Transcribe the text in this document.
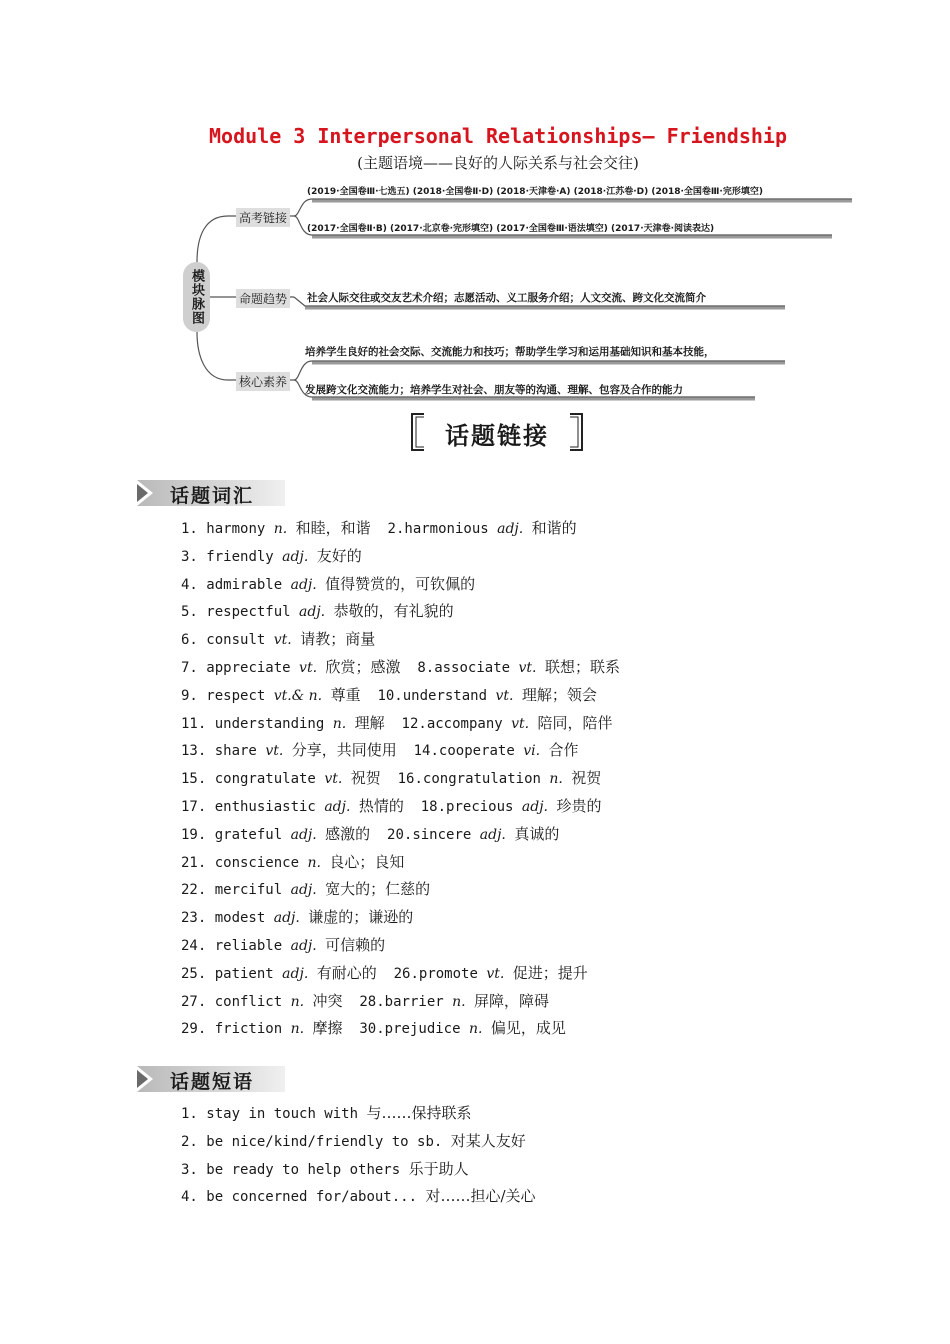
Module 3 Interpersonal Relationships— Friendship
(主题语境——良好的人际关系与社会交往)
模块脉图
高考链接
命题趋势
核心素养
(2019·全国卷Ⅲ·七选五) (2018·全国卷Ⅱ·D) (2018·天津卷·A) (2018·江苏卷·D) (2018·全国卷Ⅲ·完形填空)
(2017·全国卷Ⅱ·B) (2017·北京卷·完形填空) (2017·全国卷Ⅲ·语法填空) (2017·天津卷·阅读表达)
社会人际交往或交友艺术介绍；志愿活动、义工服务介绍；人文交流、跨文化交流简介
培养学生良好的社会交际、交流能力和技巧；帮助学生学习和运用基础知识和基本技能，
发展跨文化交流能力；培养学生对社会、朋友等的沟通、理解、包容及合作的能力
话题链接
话题词汇
1. harmony n. 和睦，和谐 2.harmonious adj. 和谐的
3. friendly adj. 友好的
4. admirable adj. 值得赞赏的，可钦佩的
5. respectful adj. 恭敬的，有礼貌的
6. consult vt. 请教；商量
7. appreciate vt. 欣赏；感激 8.associate vt. 联想；联系
9. respect vt.& n. 尊重 10.understand vt. 理解；领会
11. understanding n. 理解 12.accompany vt. 陪同，陪伴
13. share vt. 分享，共同使用 14.cooperate vi. 合作
15. congratulate vt. 祝贺 16.congratulation n. 祝贺
17. enthusiastic adj. 热情的 18.precious adj. 珍贵的
19. grateful adj. 感激的 20.sincere adj. 真诚的
21. conscience n. 良心；良知
22. merciful adj. 宽大的；仁慈的
23. modest adj. 谦虚的；谦逊的
24. reliable adj. 可信赖的
25. patient adj. 有耐心的 26.promote vt. 促进；提升
27. conflict n. 冲突 28.barrier n. 屏障，障碍
29. friction n. 摩擦 30.prejudice n. 偏见，成见
话题短语
1. stay in touch with 与……保持联系
2. be nice/kind/friendly to sb. 对某人友好
3. be ready to help others 乐于助人
4. be concerned for/about... 对……担心/关心
